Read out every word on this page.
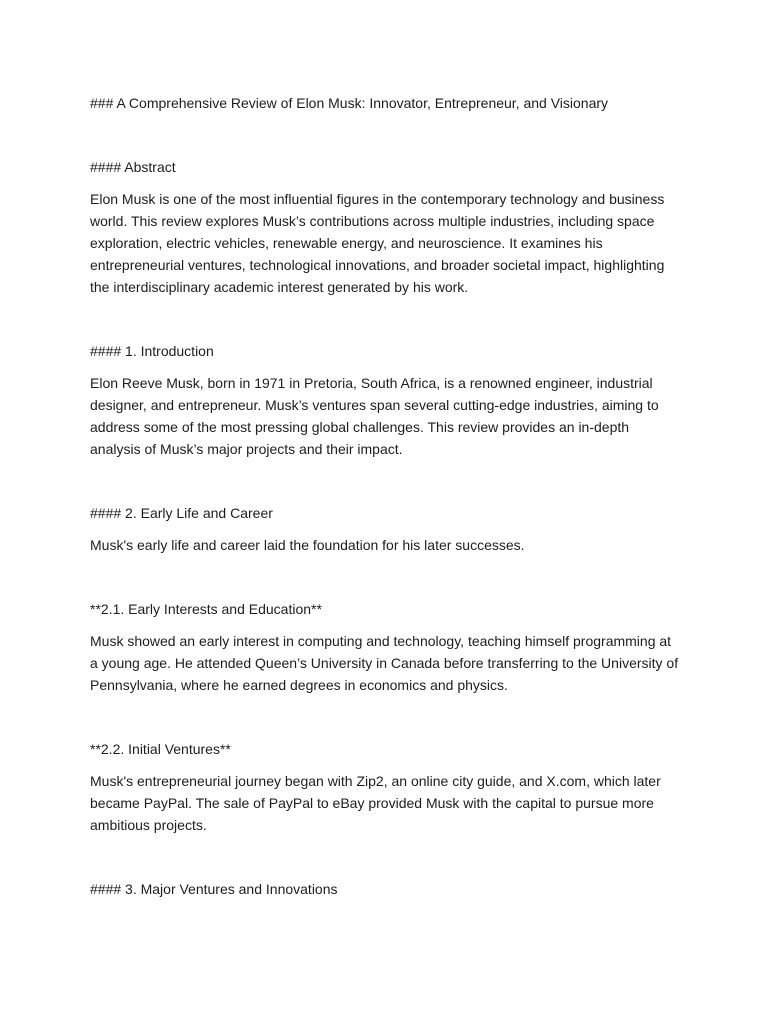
### A Comprehensive Review of Elon Musk: Innovator, Entrepreneur, and Visionary

#### Abstract

Elon Musk is one of the most influential figures in the contemporary technology and business world. This review explores Musk’s contributions across multiple industries, including space exploration, electric vehicles, renewable energy, and neuroscience. It examines his entrepreneurial ventures, technological innovations, and broader societal impact, highlighting the interdisciplinary academic interest generated by his work.

#### 1. Introduction

Elon Reeve Musk, born in 1971 in Pretoria, South Africa, is a renowned engineer, industrial designer, and entrepreneur. Musk’s ventures span several cutting-edge industries, aiming to address some of the most pressing global challenges. This review provides an in-depth analysis of Musk’s major projects and their impact.

#### 2. Early Life and Career

Musk's early life and career laid the foundation for his later successes.

**2.1. Early Interests and Education**

Musk showed an early interest in computing and technology, teaching himself programming at a young age. He attended Queen’s University in Canada before transferring to the University of Pennsylvania, where he earned degrees in economics and physics.

**2.2. Initial Ventures**

Musk's entrepreneurial journey began with Zip2, an online city guide, and X.com, which later became PayPal. The sale of PayPal to eBay provided Musk with the capital to pursue more ambitious projects.

#### 3. Major Ventures and Innovations
